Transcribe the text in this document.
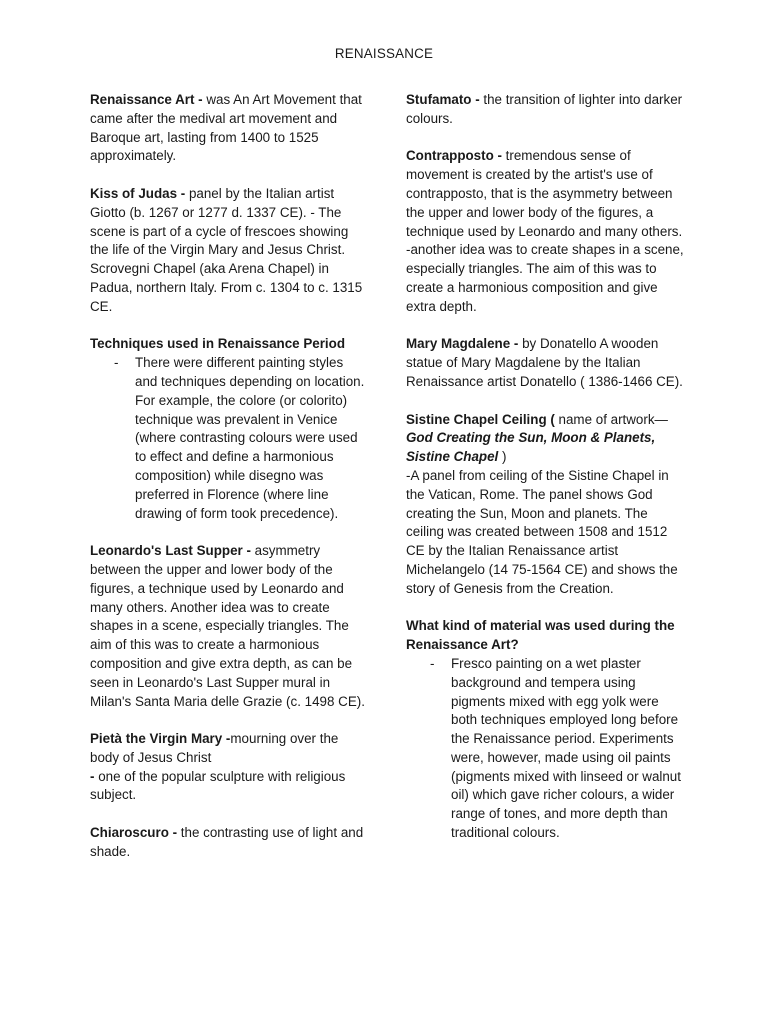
RENAISSANCE

Renaissance Art - was An Art Movement that came after the medival art movement and Baroque art, lasting from 1400 to 1525 approximately.

Kiss of Judas - panel by the Italian artist Giotto (b. 1267 or 1277 d. 1337 CE). - The scene is part of a cycle of frescoes showing the life of the Virgin Mary and Jesus Christ. Scrovegni Chapel (aka Arena Chapel) in Padua, northern Italy. From c. 1304 to c. 1315 CE.

Techniques used in Renaissance Period

- There were different painting styles and techniques depending on location. For example, the colore (or colorito) technique was prevalent in Venice (where contrasting colours were used to effect and define a harmonious composition) while disegno was preferred in Florence (where line drawing of form took precedence).

Leonardo's Last Supper - asymmetry between the upper and lower body of the figures, a technique used by Leonardo and many others. Another idea was to create shapes in a scene, especially triangles. The aim of this was to create a harmonious composition and give extra depth, as can be seen in Leonardo's Last Supper mural in Milan's Santa Maria delle Grazie (c. 1498 CE).

Pietà the Virgin Mary -mourning over the body of Jesus Christ

- one of the popular sculpture with religious subject.

Chiaroscuro - the contrasting use of light and shade.

Stufamato - the transition of lighter into darker colours.

Contrapposto - tremendous sense of movement is created by the artist's use of contrapposto, that is the asymmetry between the upper and lower body of the figures, a technique used by Leonardo and many others.

-another idea was to create shapes in a scene, especially triangles. The aim of this was to create a harmonious composition and give extra depth.

Mary Magdalene - by Donatello A wooden statue of Mary Magdalene by the Italian Renaissance artist Donatello ( 1386-1466 CE).

Sistine Chapel Ceiling ( name of artwork—God Creating the Sun, Moon & Planets, Sistine Chapel )

-A panel from ceiling of the Sistine Chapel in the Vatican, Rome. The panel shows God creating the Sun, Moon and planets. The ceiling was created between 1508 and 1512 CE by the Italian Renaissance artist Michelangelo (14 75-1564 CE) and shows the story of Genesis from the Creation.

What kind of material was used during the Renaissance Art?

- Fresco painting on a wet plaster background and tempera using pigments mixed with egg yolk were both techniques employed long before the Renaissance period. Experiments were, however, made using oil paints (pigments mixed with linseed or walnut oil) which gave richer colours, a wider range of tones, and more depth than traditional colours.
